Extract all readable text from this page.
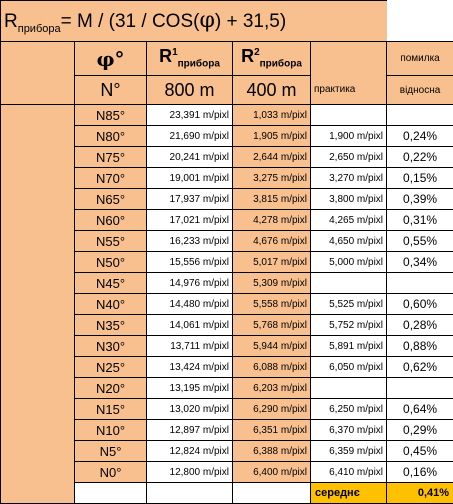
$R_{прибора}= M / (31 / COS(\varphi) + 31,5)$					
	φ°	$R^1_{прибора}$	$R^2_{прибора}$		помилка
	N°	800 m	400 m	практика	відносна
	N85°	23,391 m/pixl	1,033 m/pixl		
	N80°	21,690 m/pixl	1,905 m/pixl	1,900 m/pixl	0,24%
	N75°	20,241 m/pixl	2,644 m/pixl	2,650 m/pixl	0,22%
	N70°	19,001 m/pixl	3,275 m/pixl	3,270 m/pixl	0,15%
	N65°	17,937 m/pixl	3,815 m/pixl	3,800 m/pixl	0,39%
	N60°	17,021 m/pixl	4,278 m/pixl	4,265 m/pixl	0,31%
	N55°	16,233 m/pixl	4,676 m/pixl	4,650 m/pixl	0,55%
	N50°	15,556 m/pixl	5,017 m/pixl	5,000 m/pixl	0,34%
	N45°	14,976 m/pixl	5,309 m/pixl		
	N40°	14,480 m/pixl	5,558 m/pixl	5,525 m/pixl	0,60%
	N35°	14,061 m/pixl	5,768 m/pixl	5,752 m/pixl	0,28%
	N30°	13,711 m/pixl	5,944 m/pixl	5,891 m/pixl	0,88%
	N25°	13,424 m/pixl	6,088 m/pixl	6,050 m/pixl	0,62%
	N20°	13,195 m/pixl	6,203 m/pixl		
	N15°	13,020 m/pixl	6,290 m/pixl	6,250 m/pixl	0,64%
	N10°	12,897 m/pixl	6,351 m/pixl	6,370 m/pixl	0,29%
	N5°	12,824 m/pixl	6,388 m/pixl	6,359 m/pixl	0,45%
	N0°	12,800 m/pixl	6,400 m/pixl	6,410 m/pixl	0,16%
				середнє	0,41%
